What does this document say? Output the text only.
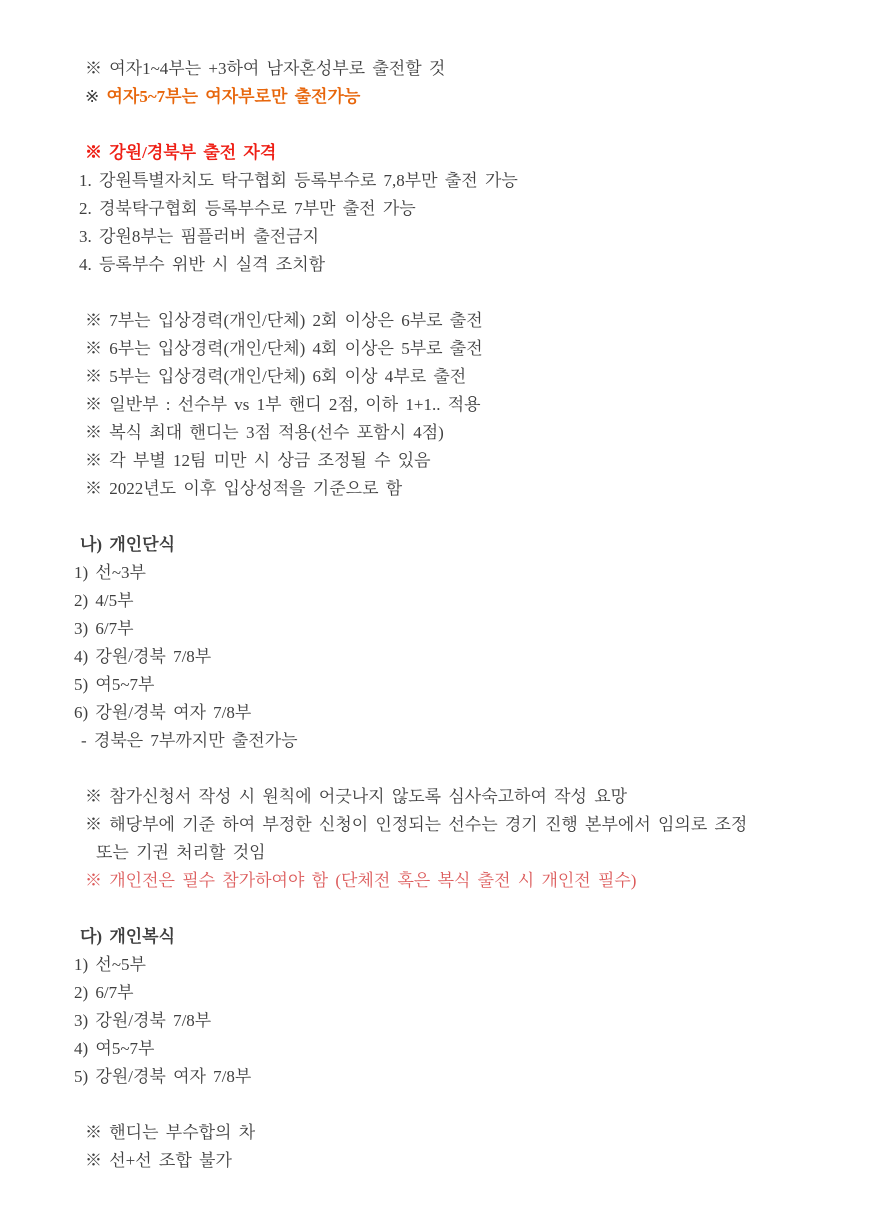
※ 여자1~4부는 +3하여 남자혼성부로 출전할 것

※ 여자5~7부는 여자부로만 출전가능

※ 강원/경북부 출전 자격

1. 강원특별자치도 탁구협회 등록부수로 7,8부만 출전 가능

2. 경북탁구협회 등록부수로 7부만 출전 가능

3. 강원8부는 핌플러버 출전금지

4. 등록부수 위반 시 실격 조치함

※ 7부는 입상경력(개인/단체) 2회 이상은 6부로 출전

※ 6부는 입상경력(개인/단체) 4회 이상은 5부로 출전

※ 5부는 입상경력(개인/단체) 6회 이상 4부로 출전

※ 일반부 : 선수부 vs 1부 핸디 2점, 이하 1+1.. 적용

※ 복식 최대 핸디는 3점 적용(선수 포함시 4점)

※ 각 부별 12팀 미만 시 상금 조정될 수 있음

※ 2022년도 이후 입상성적을 기준으로 함

나) 개인단식

1) 선~3부

2) 4/5부

3) 6/7부

4) 강원/경북 7/8부

5) 여5~7부

6) 강원/경북 여자 7/8부

- 경북은 7부까지만 출전가능

※ 참가신청서 작성 시 원칙에 어긋나지 않도록 심사숙고하여 작성 요망

※ 해당부에 기준 하여 부정한 신청이 인정되는 선수는 경기 진행 본부에서 임의로 조정

또는 기권 처리할 것임

※ 개인전은 필수 참가하여야 함 (단체전 혹은 복식 출전 시 개인전 필수)

다) 개인복식

1) 선~5부

2) 6/7부

3) 강원/경북 7/8부

4) 여5~7부

5) 강원/경북 여자 7/8부

※ 핸디는 부수합의 차

※ 선+선 조합 불가
